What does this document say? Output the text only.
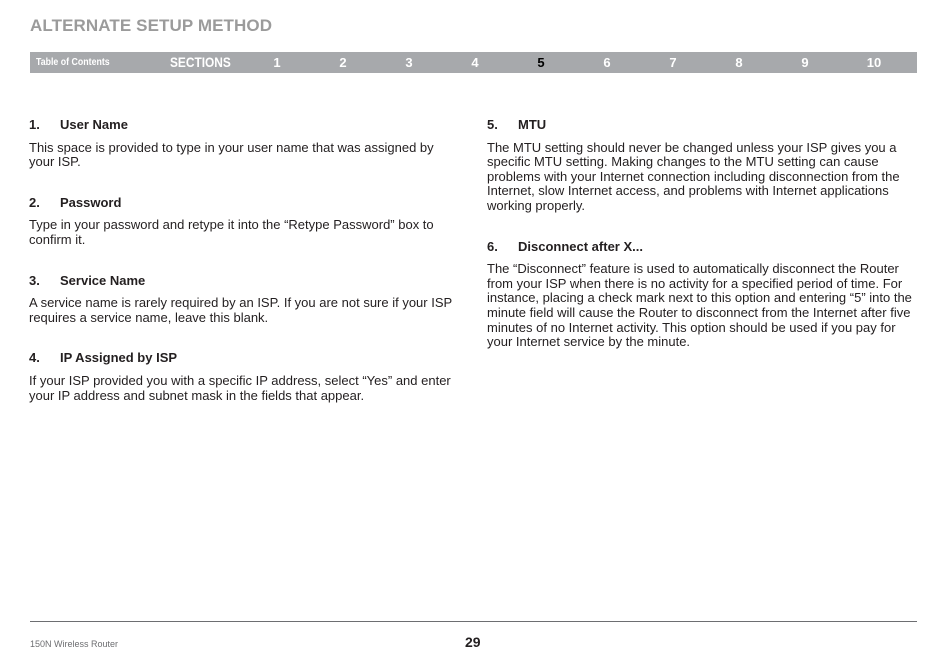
ALTERNATE SETUP METHOD
Table of Contents	SECTIONS	1	2	3	4	5	6	7	8	9	10
1.	User Name

This space is provided to type in your user name that was assigned by your ISP.

2.	Password

Type in your password and retype it into the “Retype Password” box to confirm it.

3.	Service Name

A service name is rarely required by an ISP. If you are not sure if your ISP requires a service name, leave this blank.

4.	IP Assigned by ISP

If your ISP provided you with a specific IP address, select “Yes” and enter your IP address and subnet mask in the fields that appear.

5.	MTU

The MTU setting should never be changed unless your ISP gives you a specific MTU setting. Making changes to the MTU setting can cause problems with your Internet connection including disconnection from the Internet, slow Internet access, and problems with Internet applications working properly.

6.	Disconnect after X...

The “Disconnect” feature is used to automatically disconnect the Router from your ISP when there is no activity for a specified period of time. For instance, placing a check mark next to this option and entering “5” into the minute field will cause the Router to disconnect from the Internet after five minutes of no Internet activity. This option should be used if you pay for your Internet service by the minute.

150N Wireless Router	29
